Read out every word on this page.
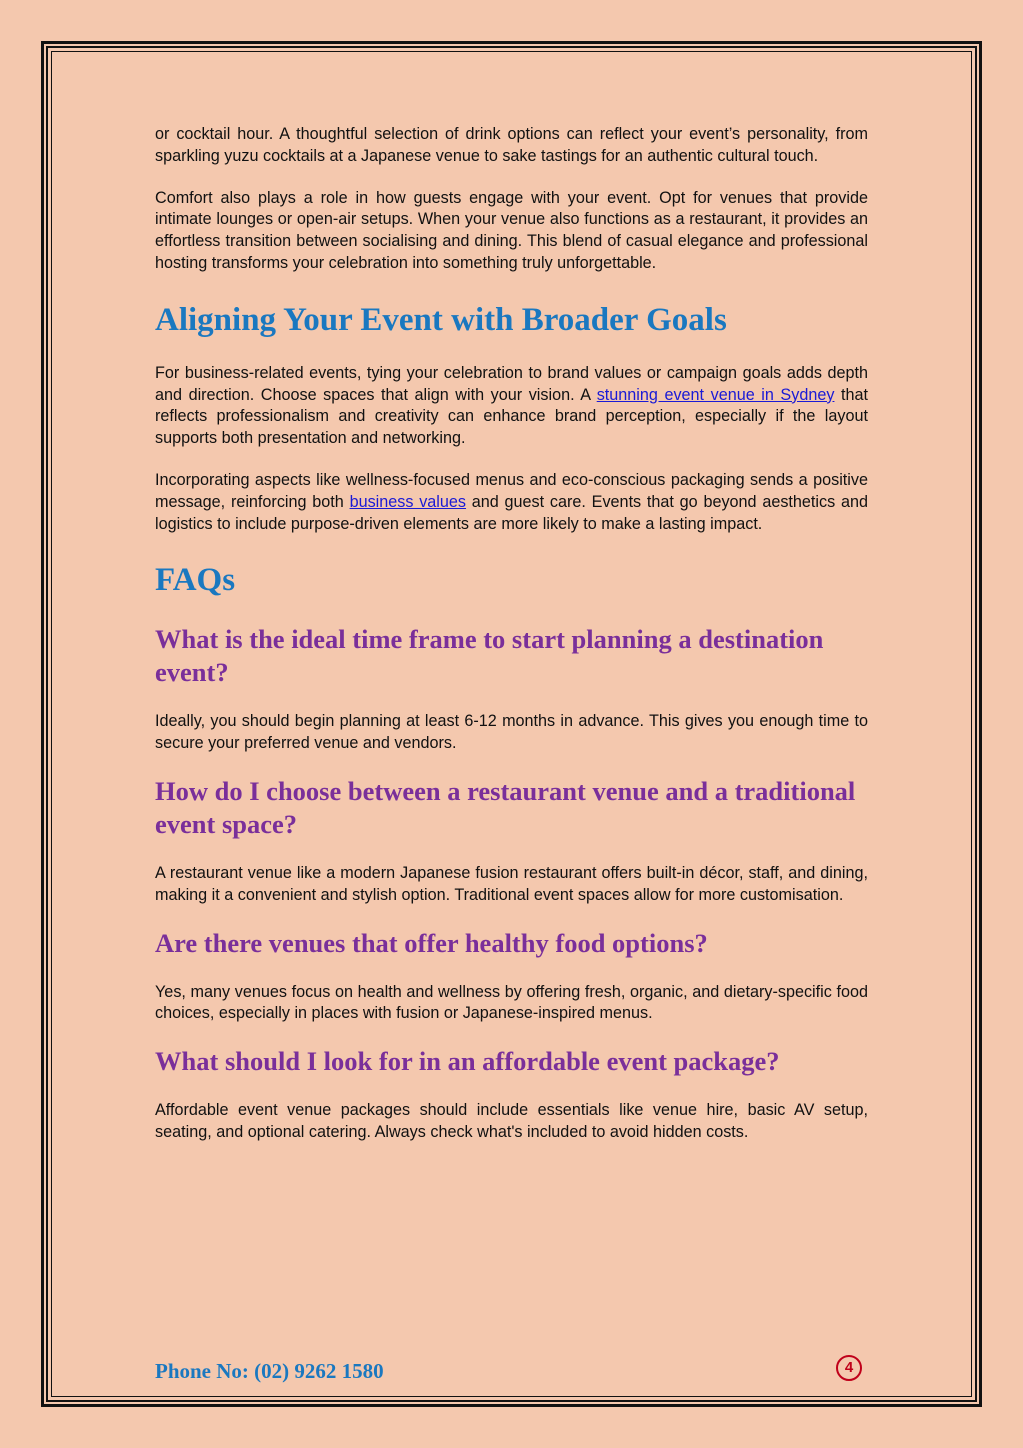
or cocktail hour. A thoughtful selection of drink options can reflect your event’s personality, from sparkling yuzu cocktails at a Japanese venue to sake tastings for an authentic cultural touch.

Comfort also plays a role in how guests engage with your event. Opt for venues that provide intimate lounges or open-air setups. When your venue also functions as a restaurant, it provides an effortless transition between socialising and dining. This blend of casual elegance and professional hosting transforms your celebration into something truly unforgettable.

Aligning Your Event with Broader Goals

For business-related events, tying your celebration to brand values or campaign goals adds depth and direction. Choose spaces that align with your vision. A stunning event venue in Sydney that reflects professionalism and creativity can enhance brand perception, especially if the layout supports both presentation and networking.

Incorporating aspects like wellness-focused menus and eco-conscious packaging sends a positive message, reinforcing both business values and guest care. Events that go beyond aesthetics and logistics to include purpose-driven elements are more likely to make a lasting impact.

FAQs
What is the ideal time frame to start planning a destination event?

Ideally, you should begin planning at least 6-12 months in advance. This gives you enough time to secure your preferred venue and vendors.

How do I choose between a restaurant venue and a traditional event space?

A restaurant venue like a modern Japanese fusion restaurant offers built-in décor, staff, and dining, making it a convenient and stylish option. Traditional event spaces allow for more customisation.

Are there venues that offer healthy food options?

Yes, many venues focus on health and wellness by offering fresh, organic, and dietary-specific food choices, especially in places with fusion or Japanese-inspired menus.

What should I look for in an affordable event package?

Affordable event venue packages should include essentials like venue hire, basic AV setup, seating, and optional catering. Always check what's included to avoid hidden costs.

Phone No: (02) 9262 1580	4
